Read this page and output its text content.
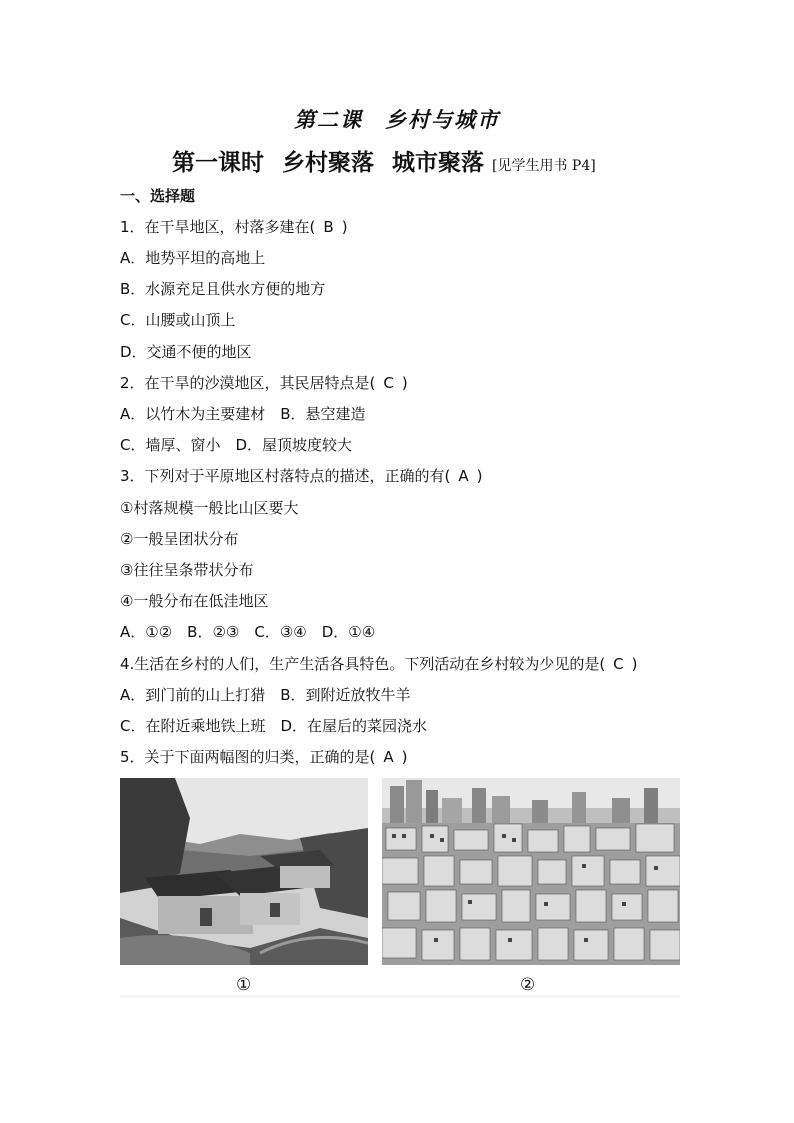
第二课 乡村与城市
第一课时 乡村聚落 城市聚落 [见学生用书 P4]
一、选择题
1．在干旱地区，村落多建在( B )
A．地势平坦的高地上
B．水源充足且供水方便的地方
C．山腰或山顶上
D．交通不便的地区
2．在干旱的沙漠地区，其民居特点是( C )
A．以竹木为主要建材　B．悬空建造
C．墙厚、窗小　D．屋顶坡度较大
3．下列对于平原地区村落特点的描述，正确的有( A )
①村落规模一般比山区要大
②一般呈团状分布
③往往呈条带状分布
④一般分布在低洼地区
A．①②　B．②③　C．③④　D．①④
4.生活在乡村的人们，生产生活各具特色。下列活动在乡村较为少见的是( C )
A．到门前的山上打猎　B．到附近放牧牛羊
C．在附近乘地铁上班　D．在屋后的菜园浇水
5．关于下面两幅图的归类，正确的是( A )
①	②
